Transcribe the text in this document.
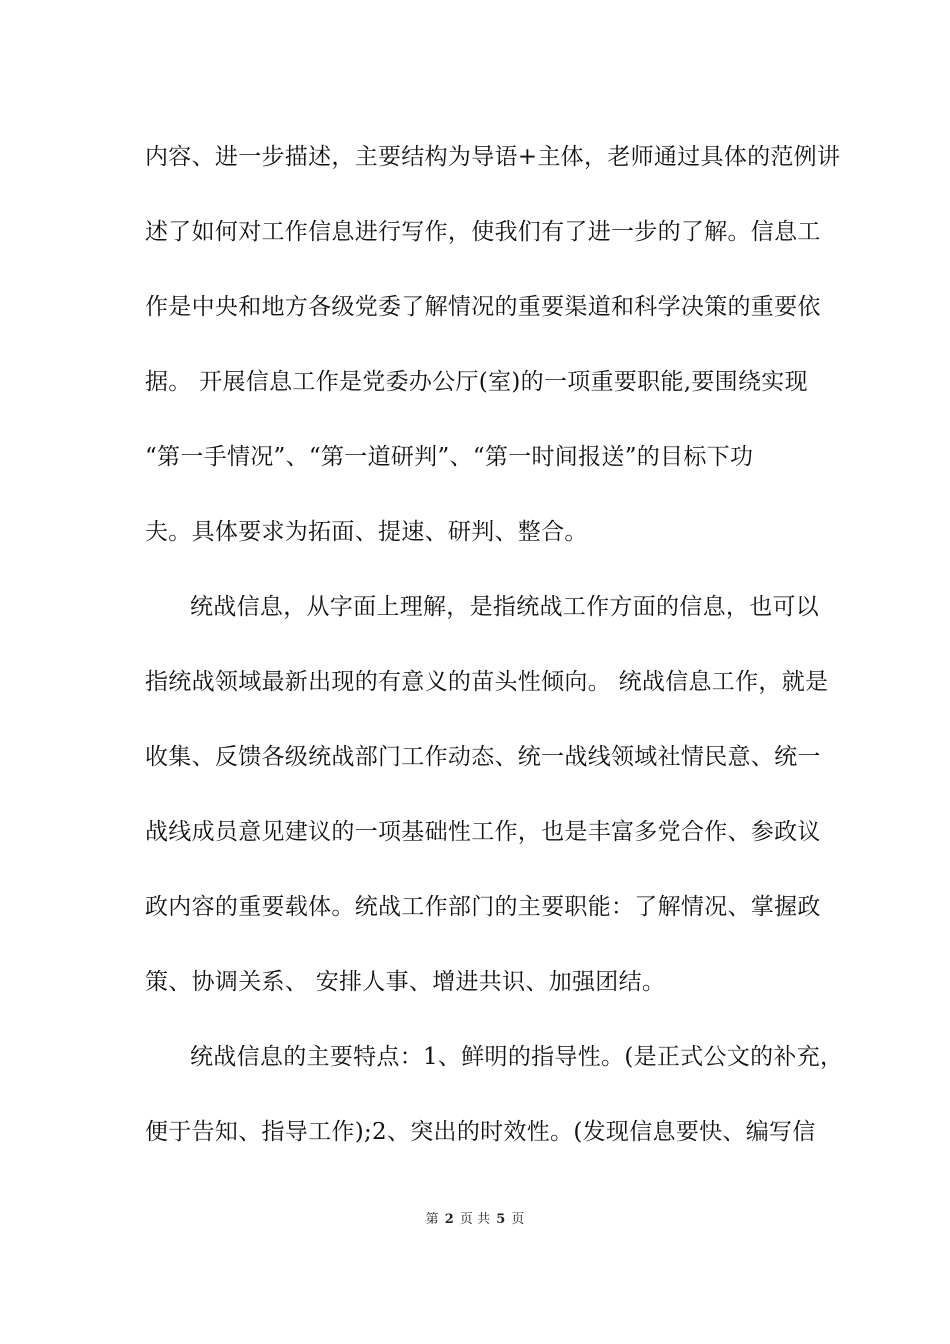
内容、进一步描述，主要结构为导语+主体，老师通过具体的范例讲
述了如何对工作信息进行写作，使我们有了进一步的了解。信息工
作是中央和地方各级党委了解情况的重要渠道和科学决策的重要依
据。 开展信息工作是党委办公厅(室)的一项重要职能,要围绕实现
“第一手情况”、“第一道研判”、“第一时间报送”的目标下功
夫。具体要求为拓面、提速、研判、整合。
统战信息，从字面上理解，是指统战工作方面的信息，也可以
指统战领域最新出现的有意义的苗头性倾向。 统战信息工作，就是
收集、反馈各级统战部门工作动态、统一战线领域社情民意、统一
战线成员意见建议的一项基础性工作，也是丰富多党合作、参政议
政内容的重要载体。统战工作部门的主要职能：了解情况、掌握政
策、协调关系、 安排人事、增进共识、加强团结。
统战信息的主要特点：1、鲜明的指导性。(是正式公文的补充，
便于告知、指导工作);2、突出的时效性。(发现信息要快、编写信
第 2 页 共 5 页
